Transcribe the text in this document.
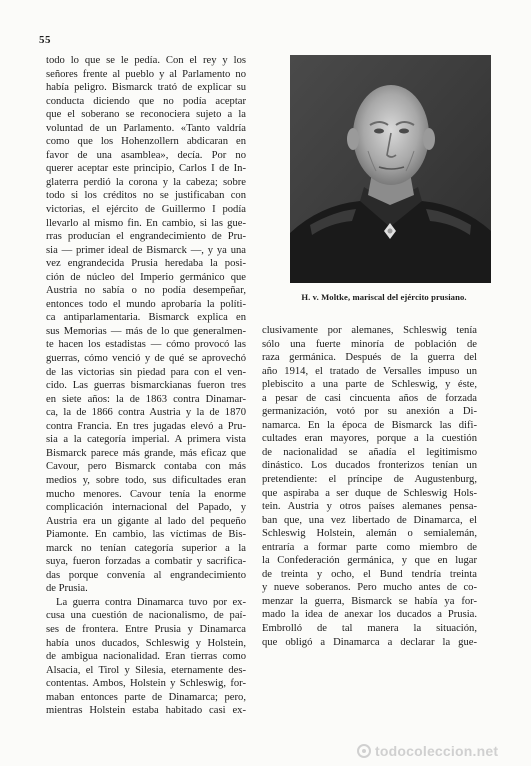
55
todo lo que se le pedía. Con el rey y los
señores frente al pueblo y al Parlamento no
había peligro. Bismarck trató de explicar su
conducta diciendo que no podía aceptar
que el soberano se reconociera sujeto a la
voluntad de un Parlamento. «Tanto valdría
como que los Hohenzollern abdicaran en
favor de una asamblea», decía. Por no
querer aceptar este principio, Carlos I de In-
glaterra perdió la corona y la cabeza; sobre
todo si los créditos no se justificaban con
victorias, el ejército de Guillermo I podía
llevarlo al mismo fin. En cambio, si las gue-
rras producían el engrandecimiento de Pru-
sia — primer ideal de Bismarck —, y ya una
vez engrandecida Prusia heredaba la posi-
ción de núcleo del Imperio germánico que
Austria no sabía o no podía desempeñar,
entonces todo el mundo aprobaría la políti-
ca antiparlamentaria. Bismarck explica en
sus Memorias — más de lo que generalmen-
te hacen los estadistas — cómo provocó las
guerras, cómo venció y de qué se aprovechó
de las victorias sin piedad para con el ven-
cido. Las guerras bismarckianas fueron tres
en siete años: la de 1863 contra Dinamar-
ca, la de 1866 contra Austria y la de 1870
contra Francia. En tres jugadas elevó a Pru-
sia a la categoría imperial. A primera vista
Bismarck parece más grande, más eficaz que
Cavour, pero Bismarck contaba con más
medios y, sobre todo, sus dificultades eran
mucho menores. Cavour tenía la enorme
complicación internacional del Papado, y
Austria era un gigante al lado del pequeño
Piamonte. En cambio, las víctimas de Bis-
marck no tenían categoría superior a la
suya, fueron forzadas a combatir y sacrifica-
das porque convenía al engrandecimiento
de Prusia.
La guerra contra Dinamarca tuvo por ex-
cusa una cuestión de nacionalismo, de paí-
ses de frontera. Entre Prusia y Dinamarca
había unos ducados, Schleswig y Holstein,
de ambigua nacionalidad. Eran tierras como
Alsacia, el Tirol y Silesia, eternamente des-
contentas. Ambos, Holstein y Schleswig, for-
maban entonces parte de Dinamarca; pero,
mientras Holstein estaba habitado casi ex-
H. v. Moltke, mariscal del ejército prusiano.
clusivamente por alemanes, Schleswig tenía
sólo una fuerte minoría de población de
raza germánica. Después de la guerra del
año 1914, el tratado de Versalles impuso un
plebiscito a una parte de Schleswig, y éste,
a pesar de casi cincuenta años de forzada
germanización, votó por su anexión a Di-
namarca. En la época de Bismarck las difi-
cultades eran mayores, porque a la cuestión
de nacionalidad se añadía el legitimismo
dinástico. Los ducados fronterizos tenían un
pretendiente: el príncipe de Augustenburg,
que aspiraba a ser duque de Schleswig Hols-
tein. Austria y otros países alemanes pensa-
ban que, una vez libertado de Dinamarca, el
Schleswig Holstein, alemán o semialemán,
entraría a formar parte como miembro de
la Confederación germánica, y que en lugar
de treinta y ocho, el Bund tendría treinta
y nueve soberanos. Pero mucho antes de co-
menzar la guerra, Bismarck se había ya for-
mado la idea de anexar los ducados a Prusia.
Embrolló de tal manera la situación,
que obligó a Dinamarca a declarar la gue-
todocoleccion.net
